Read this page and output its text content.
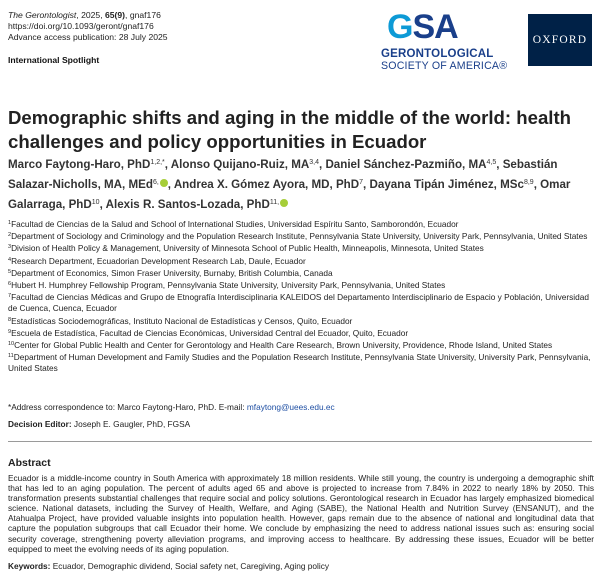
The Gerontologist, 2025, 65(9), gnaf176
https://doi.org/10.1093/geront/gnaf176
Advance access publication: 28 July 2025
International Spotlight
GSA
GERONTOLOGICAL
SOCIETY OF AMERICA®
OXFORD
Demographic shifts and aging in the middle of the world: health challenges and policy opportunities in Ecuador
Marco Faytong-Haro, PhD$^{1,2,*}$, Alonso Quijano-Ruiz, MA$^{3,4}$, Daniel Sánchez-Pazmiño, MA$^{4,5}$, Sebastián Salazar-Nicholls, MA, MEd$^{6,}$ , Andrea X. Gómez Ayora, MD, PhD$^7$, Dayana Tipán Jiménez, MSc$^{8,9}$, Omar Galarraga, PhD$^{10}$, Alexis R. Santos-Lozada, PhD$^{11,}$
$^1$Facultad de Ciencias de la Salud and School of International Studies, Universidad Espíritu Santo, Samborondón, Ecuador
$^2$Department of Sociology and Criminology and the Population Research Institute, Pennsylvania State University, University Park, Pennsylvania, United States
$^3$Division of Health Policy & Management, University of Minnesota School of Public Health, Minneapolis, Minnesota, United States
$^4$Research Department, Ecuadorian Development Research Lab, Daule, Ecuador
$^5$Department of Economics, Simon Fraser University, Burnaby, British Columbia, Canada
$^6$Hubert H. Humphrey Fellowship Program, Pennsylvania State University, University Park, Pennsylvania, United States
$^7$Facultad de Ciencias Médicas and Grupo de Etnografía Interdisciplinaria KALEIDOS del Departamento Interdisciplinario de Espacio y Población, Universidad de Cuenca, Cuenca, Ecuador
$^8$Estadísticas Sociodemográficas, Instituto Nacional de Estadísticas y Censos, Quito, Ecuador
$^9$Escuela de Estadística, Facultad de Ciencias Económicas, Universidad Central del Ecuador, Quito, Ecuador
$^{10}$Center for Global Public Health and Center for Gerontology and Health Care Research, Brown University, Providence, Rhode Island, United States
$^{11}$Department of Human Development and Family Studies and the Population Research Institute, Pennsylvania State University, University Park, Pennsylvania, United States
*Address correspondence to: Marco Faytong-Haro, PhD. E-mail: mfaytong@uees.edu.ec
Decision Editor: Joseph E. Gaugler, PhD, FGSA
Abstract
Ecuador is a middle-income country in South America with approximately 18 million residents. While still young, the country is undergoing a demographic shift that has led to an aging population. The percent of adults aged 65 and above is projected to increase from 7.84% in 2022 to nearly 18% by 2050. This transformation presents substantial challenges that require social and policy solutions. Gerontological research in Ecuador has largely emphasized biomedical science. National datasets, including the Survey of Health, Welfare, and Aging (SABE), the National Health and Nutrition Survey (ENSANUT), and the Atahualpa Project, have provided valuable insights into population health. However, gaps remain due to the absence of national and longitudinal data that capture the population subgroups that call Ecuador their home. We conclude by emphasizing the need to address national issues such as: ensuring social security coverage, strengthening poverty alleviation programs, and improving access to healthcare. By addressing these issues, Ecuador will be better equipped to meet the evolving needs of its aging population.
Keywords: Ecuador, Demographic dividend, Social safety net, Caregiving, Aging policy
